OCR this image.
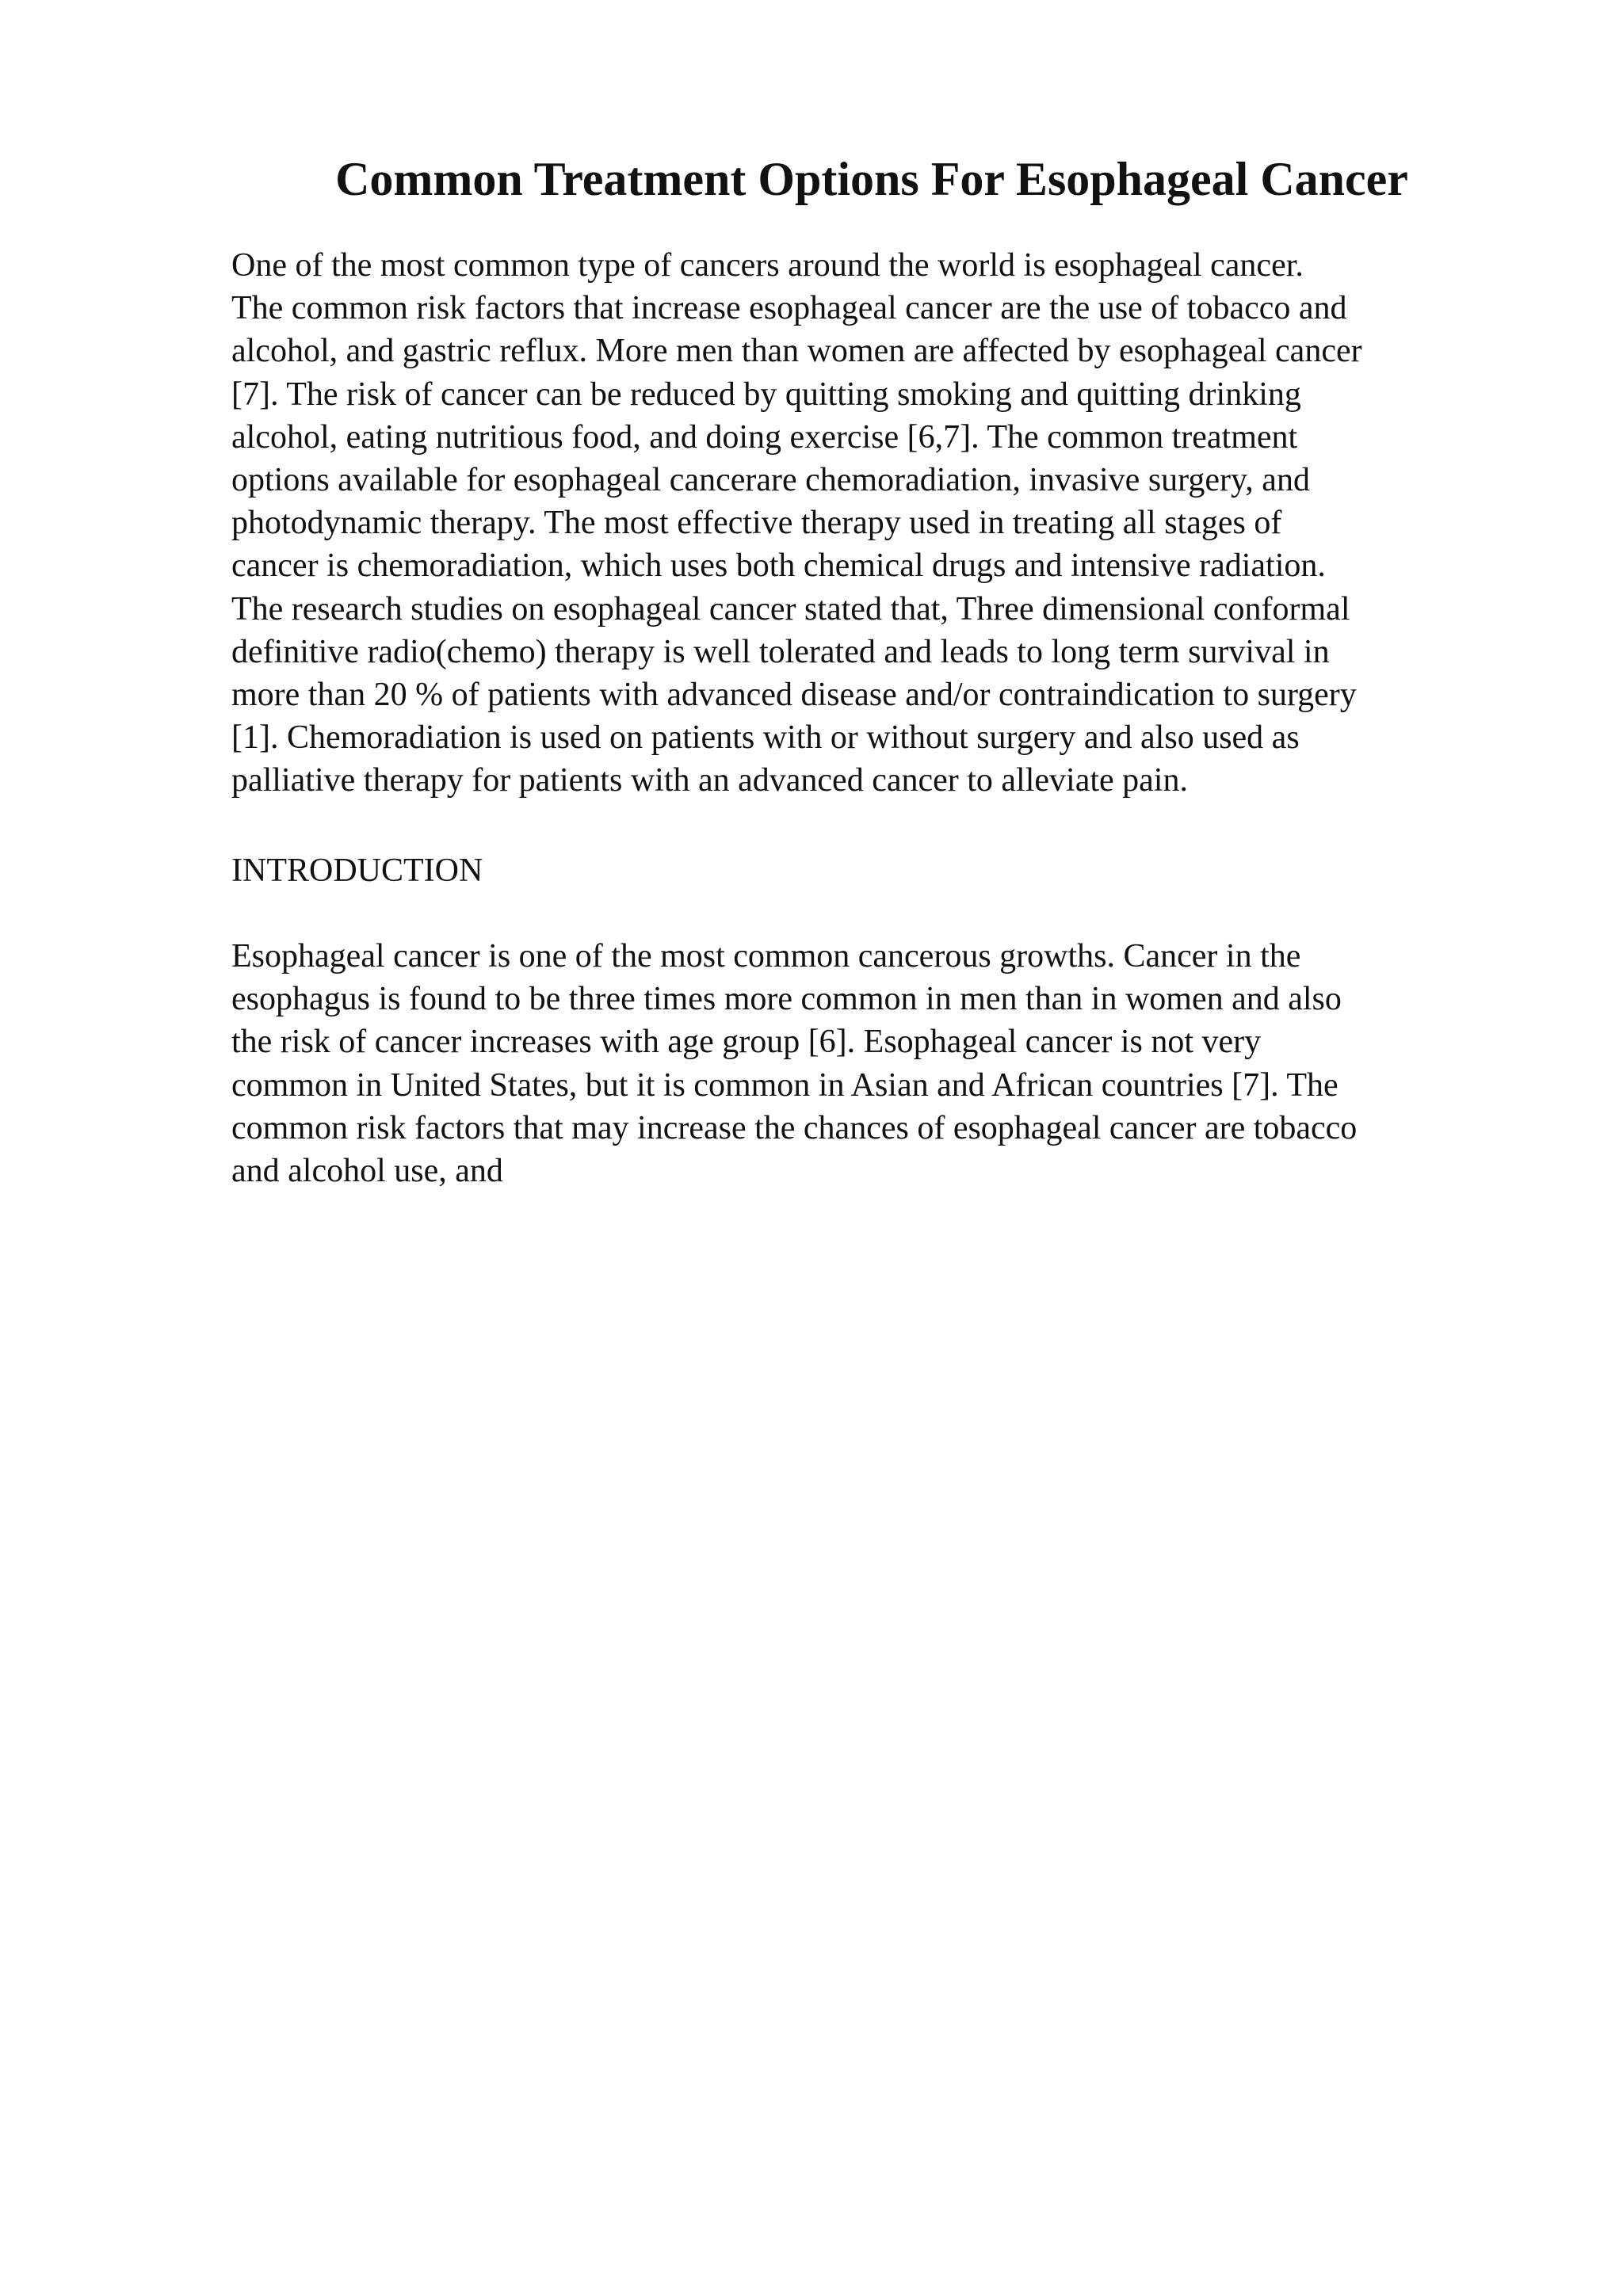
Common Treatment Options For Esophageal Cancer

One of the most common type of cancers around the world is esophageal cancer.
The common risk factors that increase esophageal cancer are the use of tobacco and
alcohol, and gastric reflux. More men than women are affected by esophageal cancer
[7]. The risk of cancer can be reduced by quitting smoking and quitting drinking
alcohol, eating nutritious food, and doing exercise [6,7]. The common treatment
options available for esophageal cancerare chemoradiation, invasive surgery, and
photodynamic therapy. The most effective therapy used in treating all stages of
cancer is chemoradiation, which uses both chemical drugs and intensive radiation.
The research studies on esophageal cancer stated that, Three dimensional conformal
definitive radio(chemo) therapy is well tolerated and leads to long term survival in
more than 20 % of patients with advanced disease and/or contraindication to surgery
[1]. Chemoradiation is used on patients with or without surgery and also used as
palliative therapy for patients with an advanced cancer to alleviate pain.

INTRODUCTION

Esophageal cancer is one of the most common cancerous growths. Cancer in the
esophagus is found to be three times more common in men than in women and also
the risk of cancer increases with age group [6]. Esophageal cancer is not very
common in United States, but it is common in Asian and African countries [7]. The
common risk factors that may increase the chances of esophageal cancer are tobacco
and alcohol use, and
